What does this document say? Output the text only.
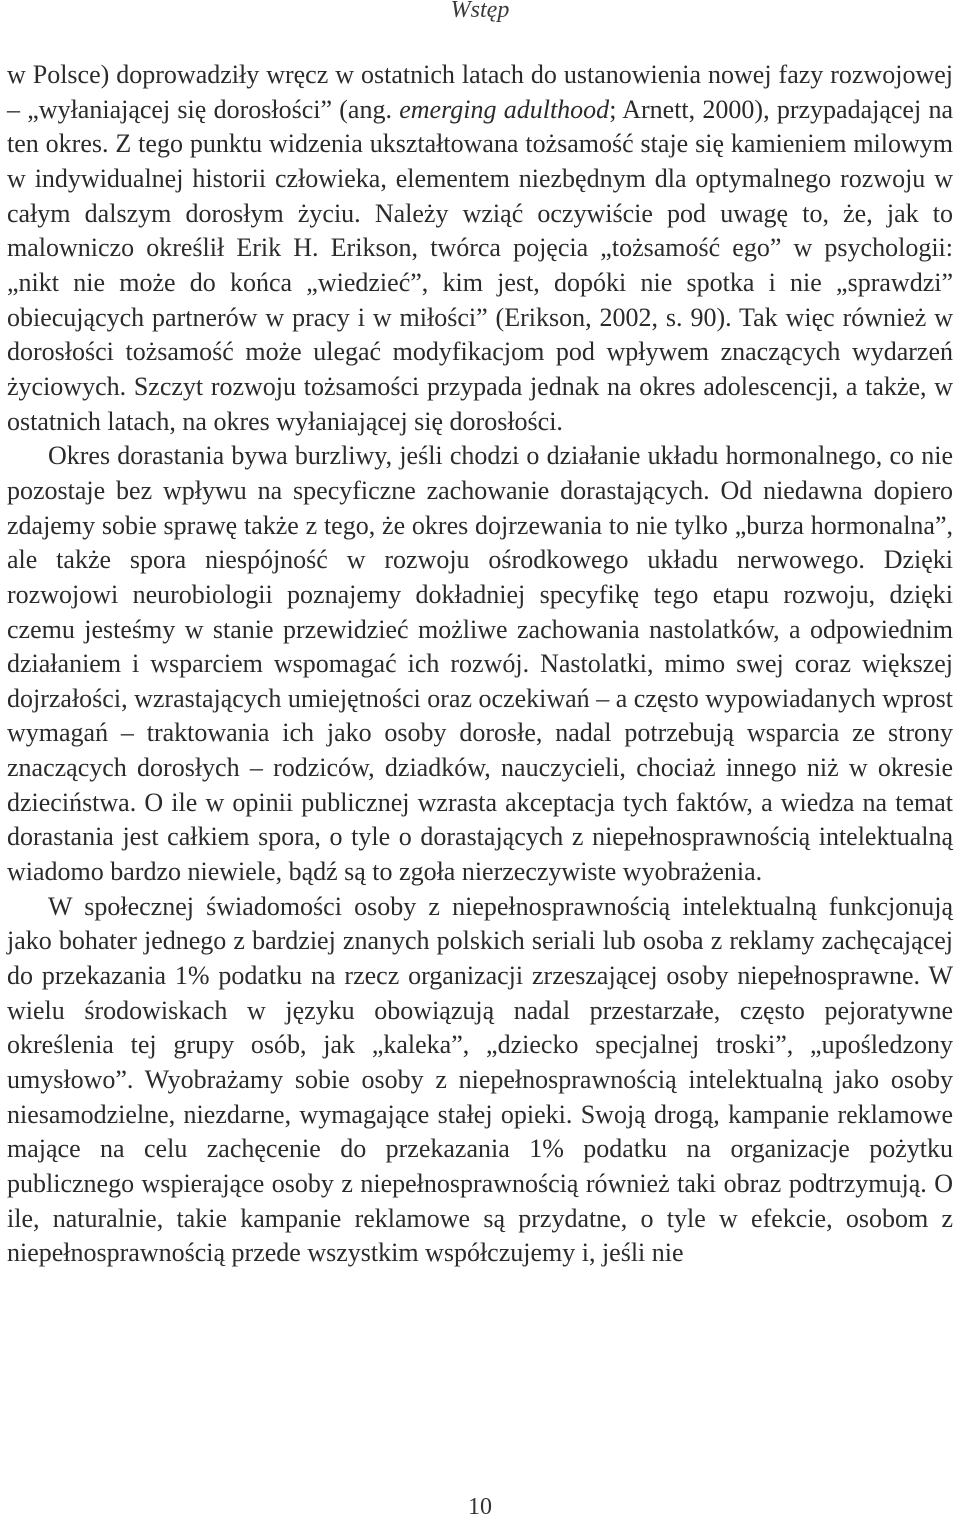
Wstęp

w Polsce) doprowadziły wręcz w ostatnich latach do ustanowienia nowej fazy rozwojowej – „wyłaniającej się dorosłości” (ang. emerging adulthood; Arnett, 2000), przypadającej na ten okres. Z tego punktu widzenia ukształtowana tożsamość staje się kamieniem milowym w indywidualnej historii człowieka, elementem niezbędnym dla optymalnego rozwoju w całym dalszym dorosłym życiu. Należy wziąć oczywiście pod uwagę to, że, jak to malowniczo określił Erik H. Erikson, twórca pojęcia „tożsamość ego” w psychologii: „nikt nie może do końca „wiedzieć”, kim jest, dopóki nie spotka i nie „sprawdzi” obiecujących partnerów w pracy i w miłości” (Erikson, 2002, s. 90). Tak więc również w dorosłości tożsamość może ulegać modyfikacjom pod wpływem znaczących wydarzeń życiowych. Szczyt rozwoju tożsamości przypada jednak na okres adolescencji, a także, w ostatnich latach, na okres wyłaniającej się dorosłości.

Okres dorastania bywa burzliwy, jeśli chodzi o działanie układu hormonalnego, co nie pozostaje bez wpływu na specyficzne zachowanie dorastających. Od niedawna dopiero zdajemy sobie sprawę także z tego, że okres dojrzewania to nie tylko „burza hormonalna”, ale także spora niespójność w rozwoju ośrodkowego układu nerwowego. Dzięki rozwojowi neurobiologii poznajemy dokładniej specyfikę tego etapu rozwoju, dzięki czemu jesteśmy w stanie przewidzieć możliwe zachowania nastolatków, a odpowiednim działaniem i wsparciem wspomagać ich rozwój. Nastolatki, mimo swej coraz większej dojrzałości, wzrastających umiejętności oraz oczekiwań – a często wypowiadanych wprost wymagań – traktowania ich jako osoby dorosłe, nadal potrzebują wsparcia ze strony znaczących dorosłych – rodziców, dziadków, nauczycieli, chociaż innego niż w okresie dzieciństwa. O ile w opinii publicznej wzrasta akceptacja tych faktów, a wiedza na temat dorastania jest całkiem spora, o tyle o dorastających z niepełnosprawnością intelektualną wiadomo bardzo niewiele, bądź są to zgoła nierzeczywiste wyobrażenia.

W społecznej świadomości osoby z niepełnosprawnością intelektualną funkcjonują jako bohater jednego z bardziej znanych polskich seriali lub osoba z reklamy zachęcającej do przekazania 1% podatku na rzecz organizacji zrzeszającej osoby niepełnosprawne. W wielu środowiskach w języku obowiązują nadal przestarzałe, często pejoratywne określenia tej grupy osób, jak „kaleka”, „dziecko specjalnej troski”, „upośledzony umysłowo”. Wyobrażamy sobie osoby z niepełnosprawnością intelektualną jako osoby niesamodzielne, niezdarne, wymagające stałej opieki. Swoją drogą, kampanie reklamowe mające na celu zachęcenie do przekazania 1% podatku na organizacje pożytku publicznego wspierające osoby z niepełnosprawnością również taki obraz podtrzymują. O ile, naturalnie, takie kampanie reklamowe są przydatne, o tyle w efekcie, osobom z niepełnosprawnością przede wszystkim współczujemy i, jeśli nie

10
